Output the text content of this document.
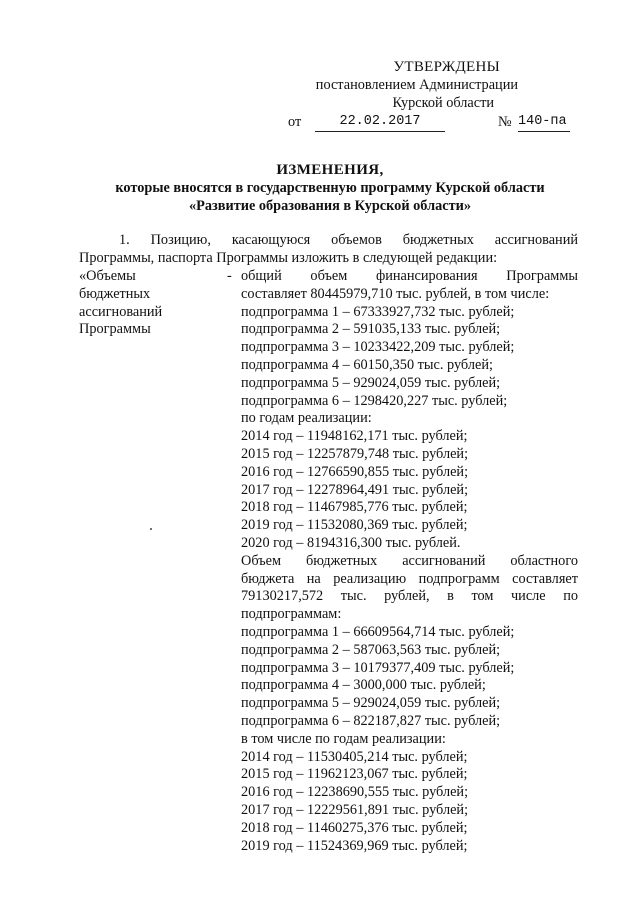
УТВЕРЖДЕНЫ
постановлением Администрации
Курской области
от	22.02.2017	№ 140-па
ИЗМЕНЕНИЯ,
которые вносятся в государственную программу Курской области
«Развитие образования в Курской области»
1. Позицию, касающуюся объемов бюджетных ассигнований
Программы, паспорта Программы изложить в следующей редакции:
«Объемы
бюджетных
ассигнований
Программы
- общий объем финансирования Программы
составляет 80445979,710 тыс. рублей, в том числе:
подпрограмма 1 – 67333927,732 тыс. рублей;
подпрограмма 2 – 591035,133 тыс. рублей;
подпрограмма 3 – 10233422,209 тыс. рублей;
подпрограмма 4 – 60150,350 тыс. рублей;
подпрограмма 5 – 929024,059 тыс. рублей;
подпрограмма 6 – 1298420,227 тыс. рублей;
по годам реализации:
2014 год – 11948162,171 тыс. рублей;
2015 год – 12257879,748 тыс. рублей;
2016 год – 12766590,855 тыс. рублей;
2017 год – 12278964,491 тыс. рублей;
2018 год – 11467985,776 тыс. рублей;
2019 год – 11532080,369 тыс. рублей;
2020 год – 8194316,300 тыс. рублей.
Объем бюджетных ассигнований областного
бюджета на реализацию подпрограмм составляет
79130217,572 тыс. рублей, в том числе по
подпрограммам:
подпрограмма 1 – 66609564,714 тыс. рублей;
подпрограмма 2 – 587063,563 тыс. рублей;
подпрограмма 3 – 10179377,409 тыс. рублей;
подпрограмма 4 – 3000,000 тыс. рублей;
подпрограмма 5 – 929024,059 тыс. рублей;
подпрограмма 6 – 822187,827 тыс. рублей;
в том числе по годам реализации:
2014 год – 11530405,214 тыс. рублей;
2015 год – 11962123,067 тыс. рублей;
2016 год – 12238690,555 тыс. рублей;
2017 год – 12229561,891 тыс. рублей;
2018 год – 11460275,376 тыс. рублей;
2019 год – 11524369,969 тыс. рублей;
